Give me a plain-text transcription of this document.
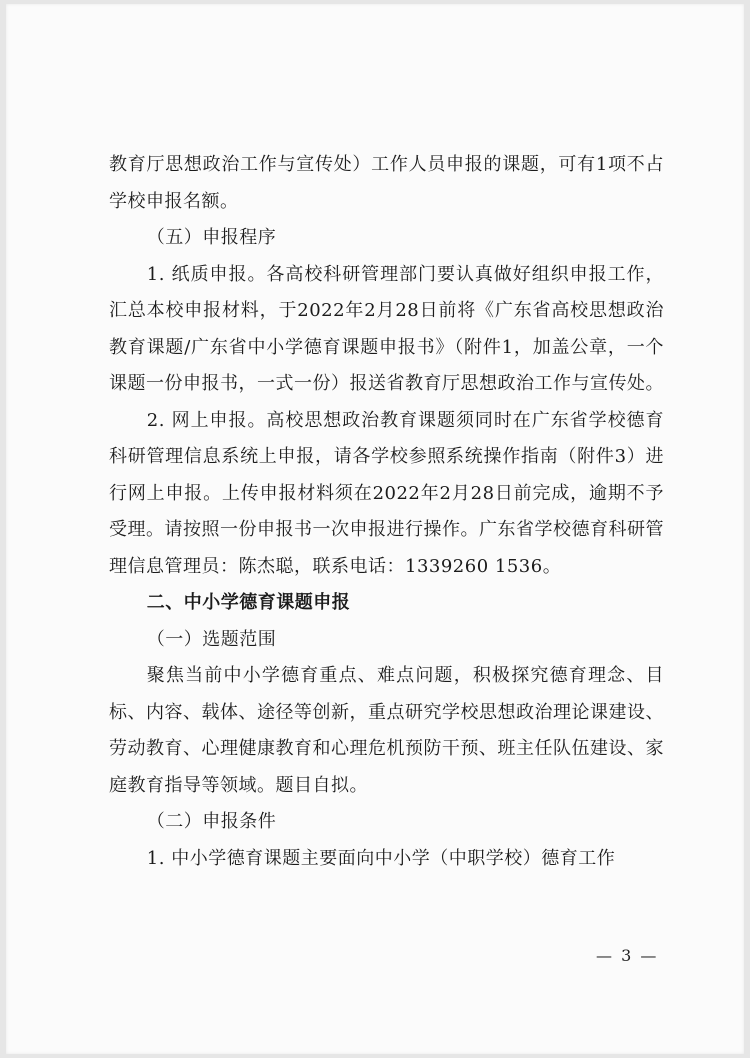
教育厅思想政治工作与宣传处）工作人员申报的课题，可有1项不占学校申报名额。

（五）申报程序

1. 纸质申报。各高校科研管理部门要认真做好组织申报工作，汇总本校申报材料，于2022年2月28日前将《广东省高校思想政治教育课题/广东省中小学德育课题申报书》（附件1，加盖公章，一个课题一份申报书，一式一份）报送省教育厅思想政治工作与宣传处。

2. 网上申报。高校思想政治教育课题须同时在广东省学校德育科研管理信息系统上申报，请各学校参照系统操作指南（附件3）进行网上申报。上传申报材料须在2022年2月28日前完成，逾期不予受理。请按照一份申报书一次申报进行操作。广东省学校德育科研管理信息管理员：陈杰聪，联系电话：1339260 1536。

二、中小学德育课题申报

（一）选题范围

聚焦当前中小学德育重点、难点问题，积极探究德育理念、目标、内容、载体、途径等创新，重点研究学校思想政治理论课建设、劳动教育、心理健康教育和心理危机预防干预、班主任队伍建设、家庭教育指导等领域。题目自拟。

（二）申报条件

1. 中小学德育课题主要面向中小学（中职学校）德育工作

— 3 —
